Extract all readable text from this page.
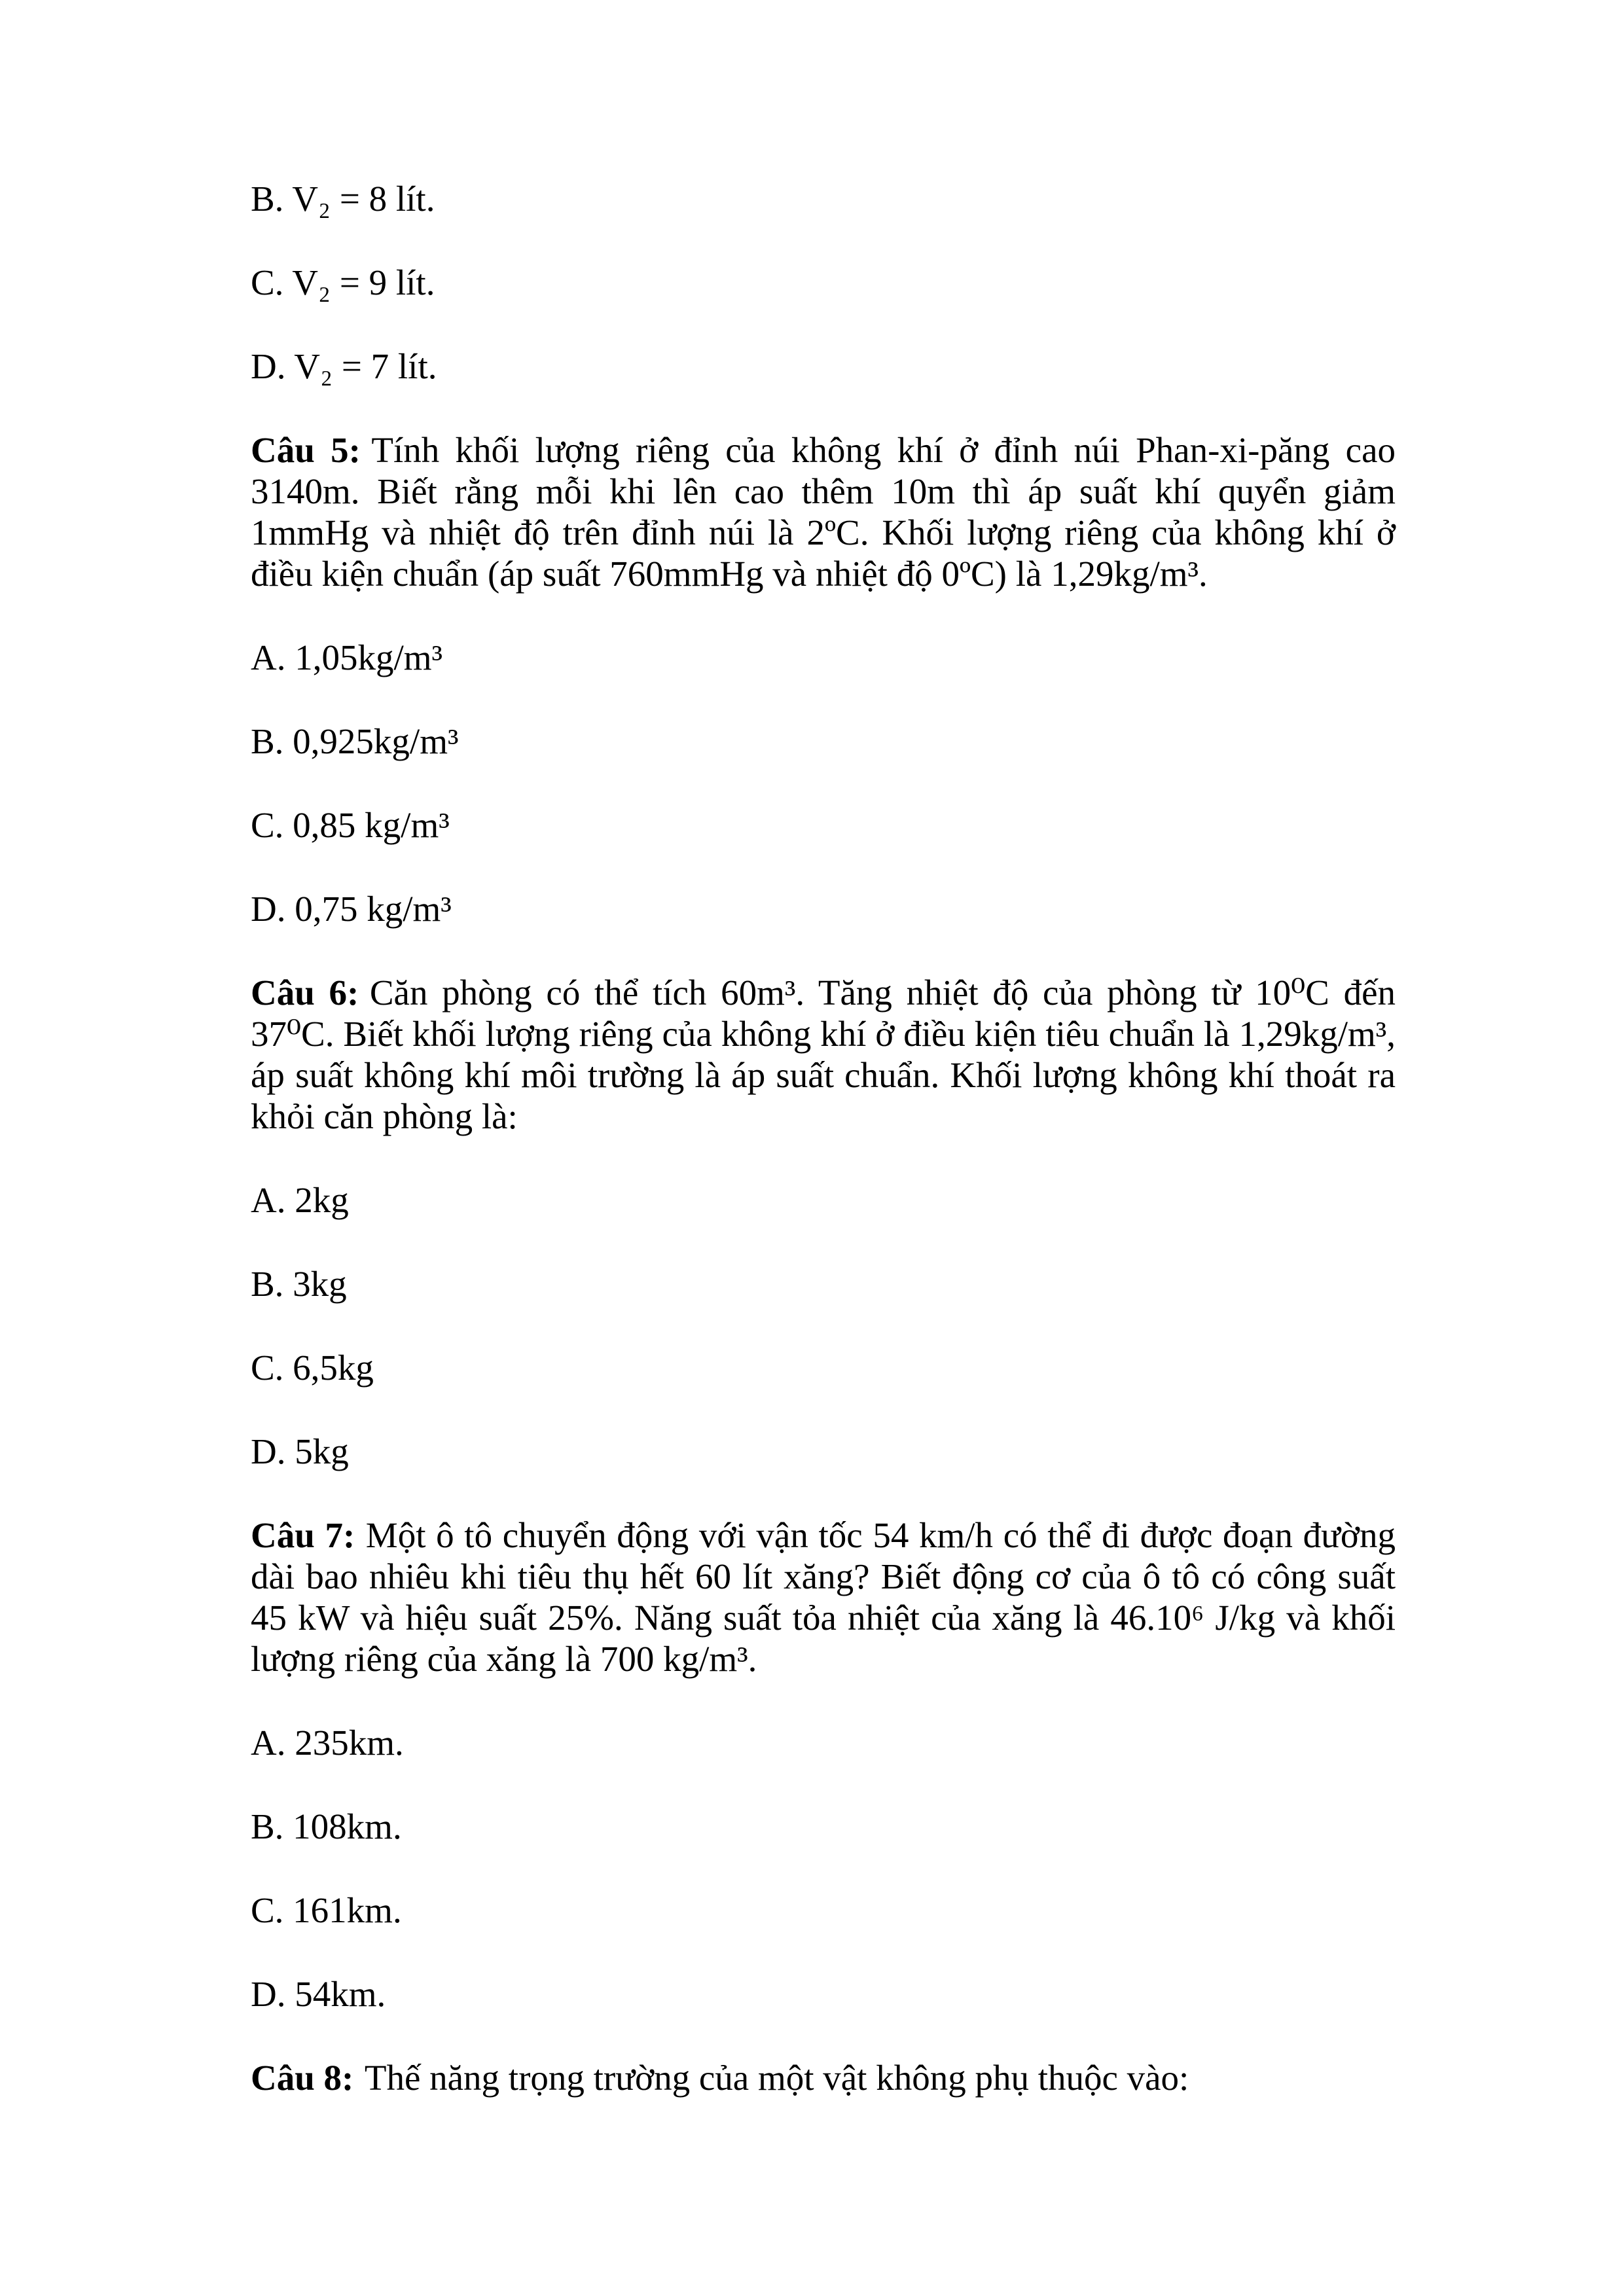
B. V₂ = 8 lít.

C. V₂ = 9 lít.

D. V₂ = 7 lít.

Câu 5: Tính khối lượng riêng của không khí ở đỉnh núi Phan-xi-păng cao 3140m. Biết rằng mỗi khi lên cao thêm 10m thì áp suất khí quyển giảm 1mmHg và nhiệt độ trên đỉnh núi là 2ºC. Khối lượng riêng của không khí ở điều kiện chuẩn (áp suất 760mmHg và nhiệt độ 0ºC) là 1,29kg/m³.

A. 1,05kg/m³

B. 0,925kg/m³

C. 0,85 kg/m³

D. 0,75 kg/m³

Câu 6: Căn phòng có thể tích 60m³. Tăng nhiệt độ của phòng từ 10⁰C đến 37⁰C. Biết khối lượng riêng của không khí ở điều kiện tiêu chuẩn là 1,29kg/m³, áp suất không khí môi trường là áp suất chuẩn. Khối lượng không khí thoát ra khỏi căn phòng là:

A. 2kg

B. 3kg

C. 6,5kg

D. 5kg

Câu 7: Một ô tô chuyển động với vận tốc 54 km/h có thể đi được đoạn đường dài bao nhiêu khi tiêu thụ hết 60 lít xăng? Biết động cơ của ô tô có công suất 45 kW và hiệu suất 25%. Năng suất tỏa nhiệt của xăng là 46.10⁶ J/kg và khối lượng riêng của xăng là 700 kg/m³.

A. 235km.

B. 108km.

C. 161km.

D. 54km.

Câu 8: Thế năng trọng trường của một vật không phụ thuộc vào:
